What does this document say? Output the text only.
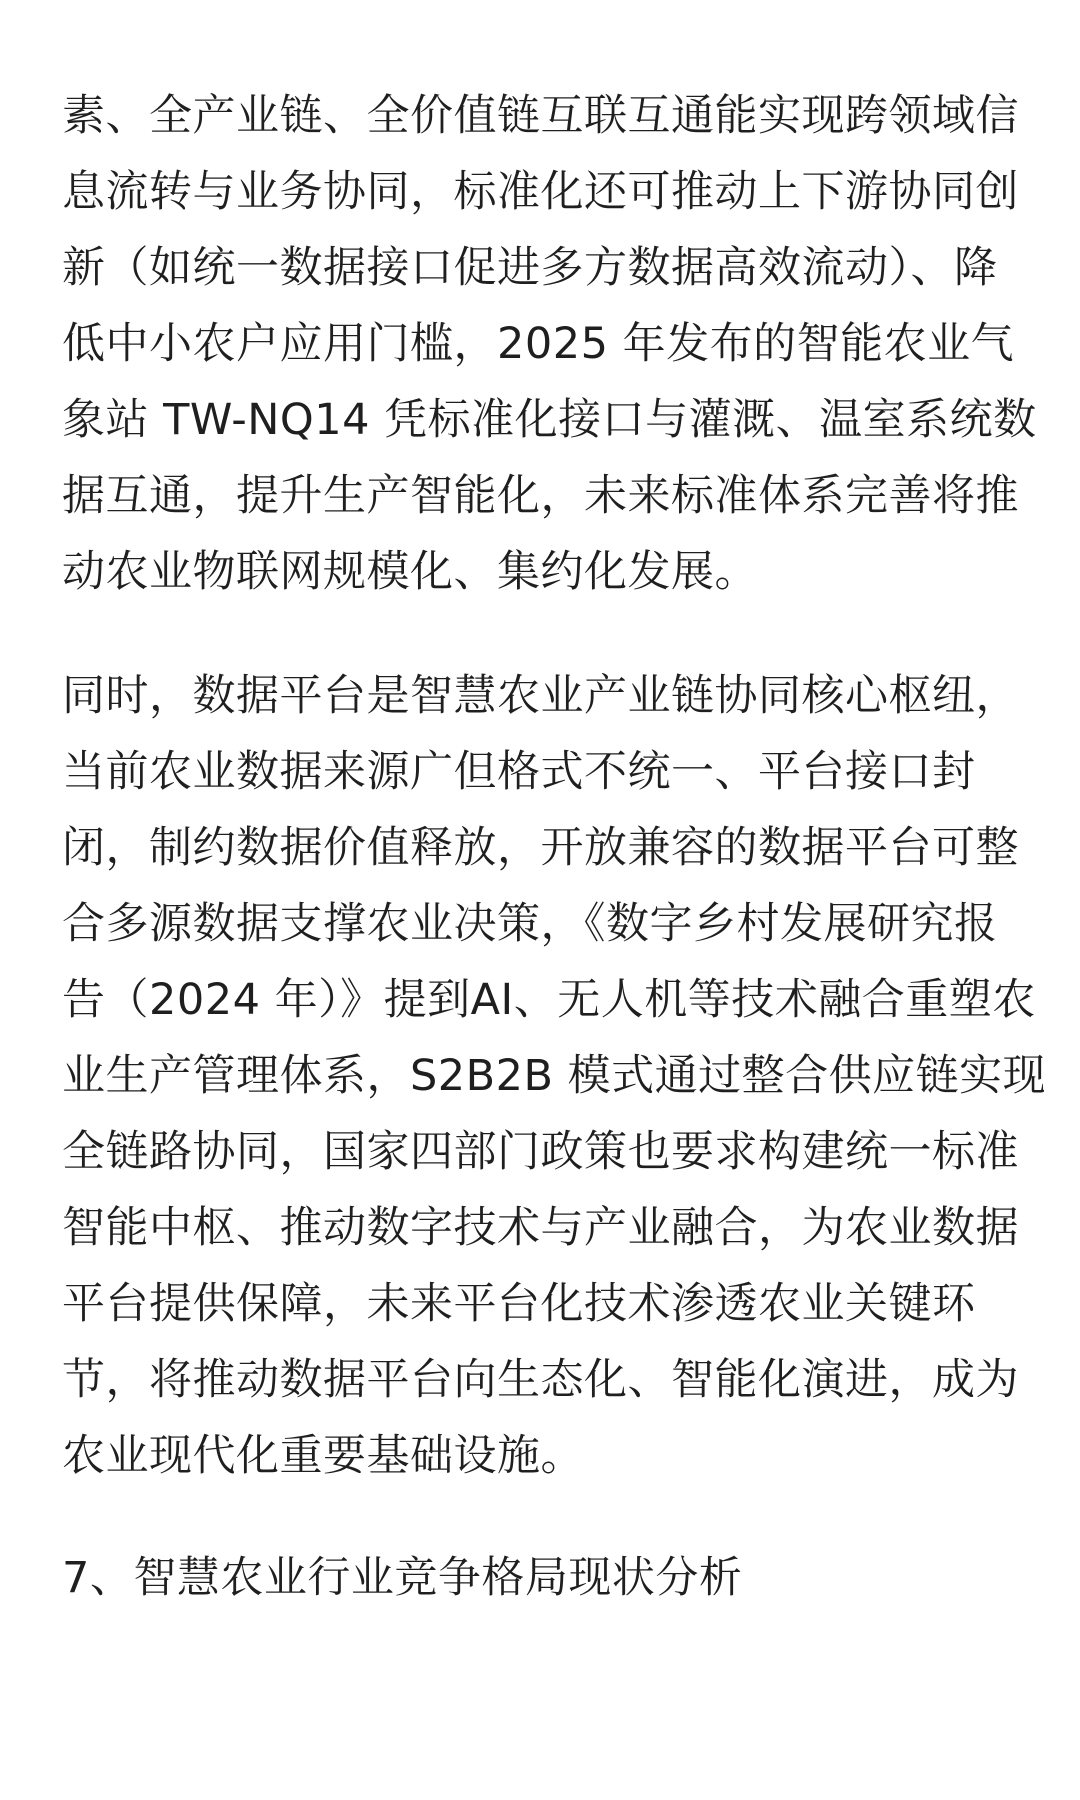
素、全产业链、全价值链互联互通能实现跨领域信
息流转与业务协同，标准化还可推动上下游协同创
新（如统一数据接口促进多方数据高效流动）、降
低中小农户应用门槛，2025 年发布的智能农业气
象站 TW-NQ14 凭标准化接口与灌溉、温室系统数
据互通，提升生产智能化，未来标准体系完善将推
动农业物联网规模化、集约化发展。

同时，数据平台是智慧农业产业链协同核心枢纽，
当前农业数据来源广但格式不统一、平台接口封
闭，制约数据价值释放，开放兼容的数据平台可整
合多源数据支撑农业决策，《数字乡村发展研究报
告（2024 年）》提到AI、无人机等技术融合重塑农
业生产管理体系，S2B2B 模式通过整合供应链实现
全链路协同，国家四部门政策也要求构建统一标准
智能中枢、推动数字技术与产业融合，为农业数据
平台提供保障，未来平台化技术渗透农业关键环
节，将推动数据平台向生态化、智能化演进，成为
农业现代化重要基础设施。

7、智慧农业行业竞争格局现状分析
